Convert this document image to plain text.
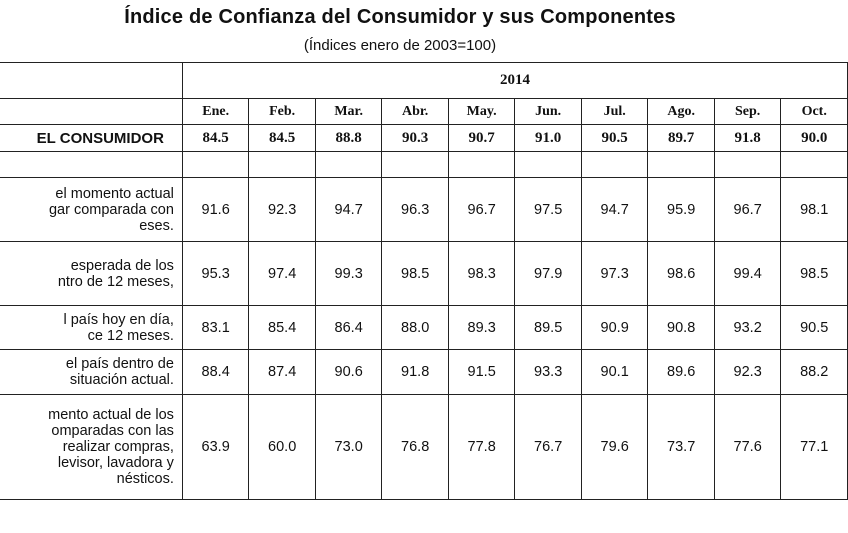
Índice de Confianza del Consumidor y sus Componentes
(Índices enero de 2003=100)
	2014									
	Ene.	Feb.	Mar.	Abr.	May.	Jun.	Jul.	Ago.	Sep.	Oct.
EL CONSUMIDOR	84.5	84.5	88.8	90.3	90.7	91.0	90.5	89.7	91.8	90.0

el momento actual
gar comparada con
eses.	91.6	92.3	94.7	96.3	96.7	97.5	94.7	95.9	96.7	98.1

esperada de los
ntro de 12 meses,	95.3	97.4	99.3	98.5	98.3	97.9	97.3	98.6	99.4	98.5

l país hoy en día,
ce 12 meses.	83.1	85.4	86.4	88.0	89.3	89.5	90.9	90.8	93.2	90.5

el país dentro de
situación actual.	88.4	87.4	90.6	91.8	91.5	93.3	90.1	89.6	92.3	88.2

mento actual de los
omparadas con las
realizar compras,
levisor, lavadora y
nésticos.	63.9	60.0	73.0	76.8	77.8	76.7	79.6	73.7	77.6	77.1
